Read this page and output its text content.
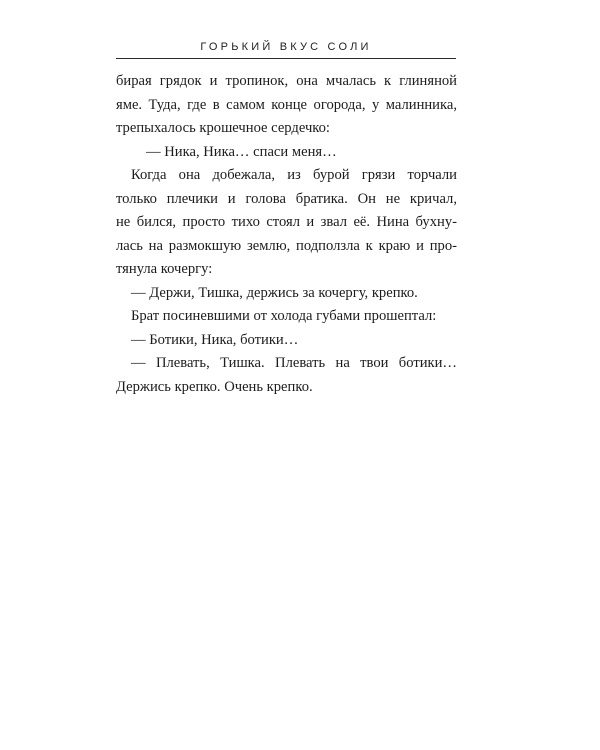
ГОРЬКИЙ ВКУС СОЛИ

бирая грядок и тропинок, она мчалась к глиняной
яме. Туда, где в самом конце огорода, у малинника,
трепыхалось крошечное сердечко:

— Ника, Ника… спаси меня…

Когда она добежала, из бурой грязи торчали
только плечики и голова братика. Он не кричал,
не бился, просто тихо стоял и звал её. Нина бухну-
лась на размокшую землю, подползла к краю и про-
тянула кочергу:

— Держи, Тишка, держись за кочергу, крепко.

Брат посиневшими от холода губами прошептал:

— Ботики, Ника, ботики…

— Плевать, Тишка. Плевать на твои ботики…
Держись крепко. Очень крепко.
